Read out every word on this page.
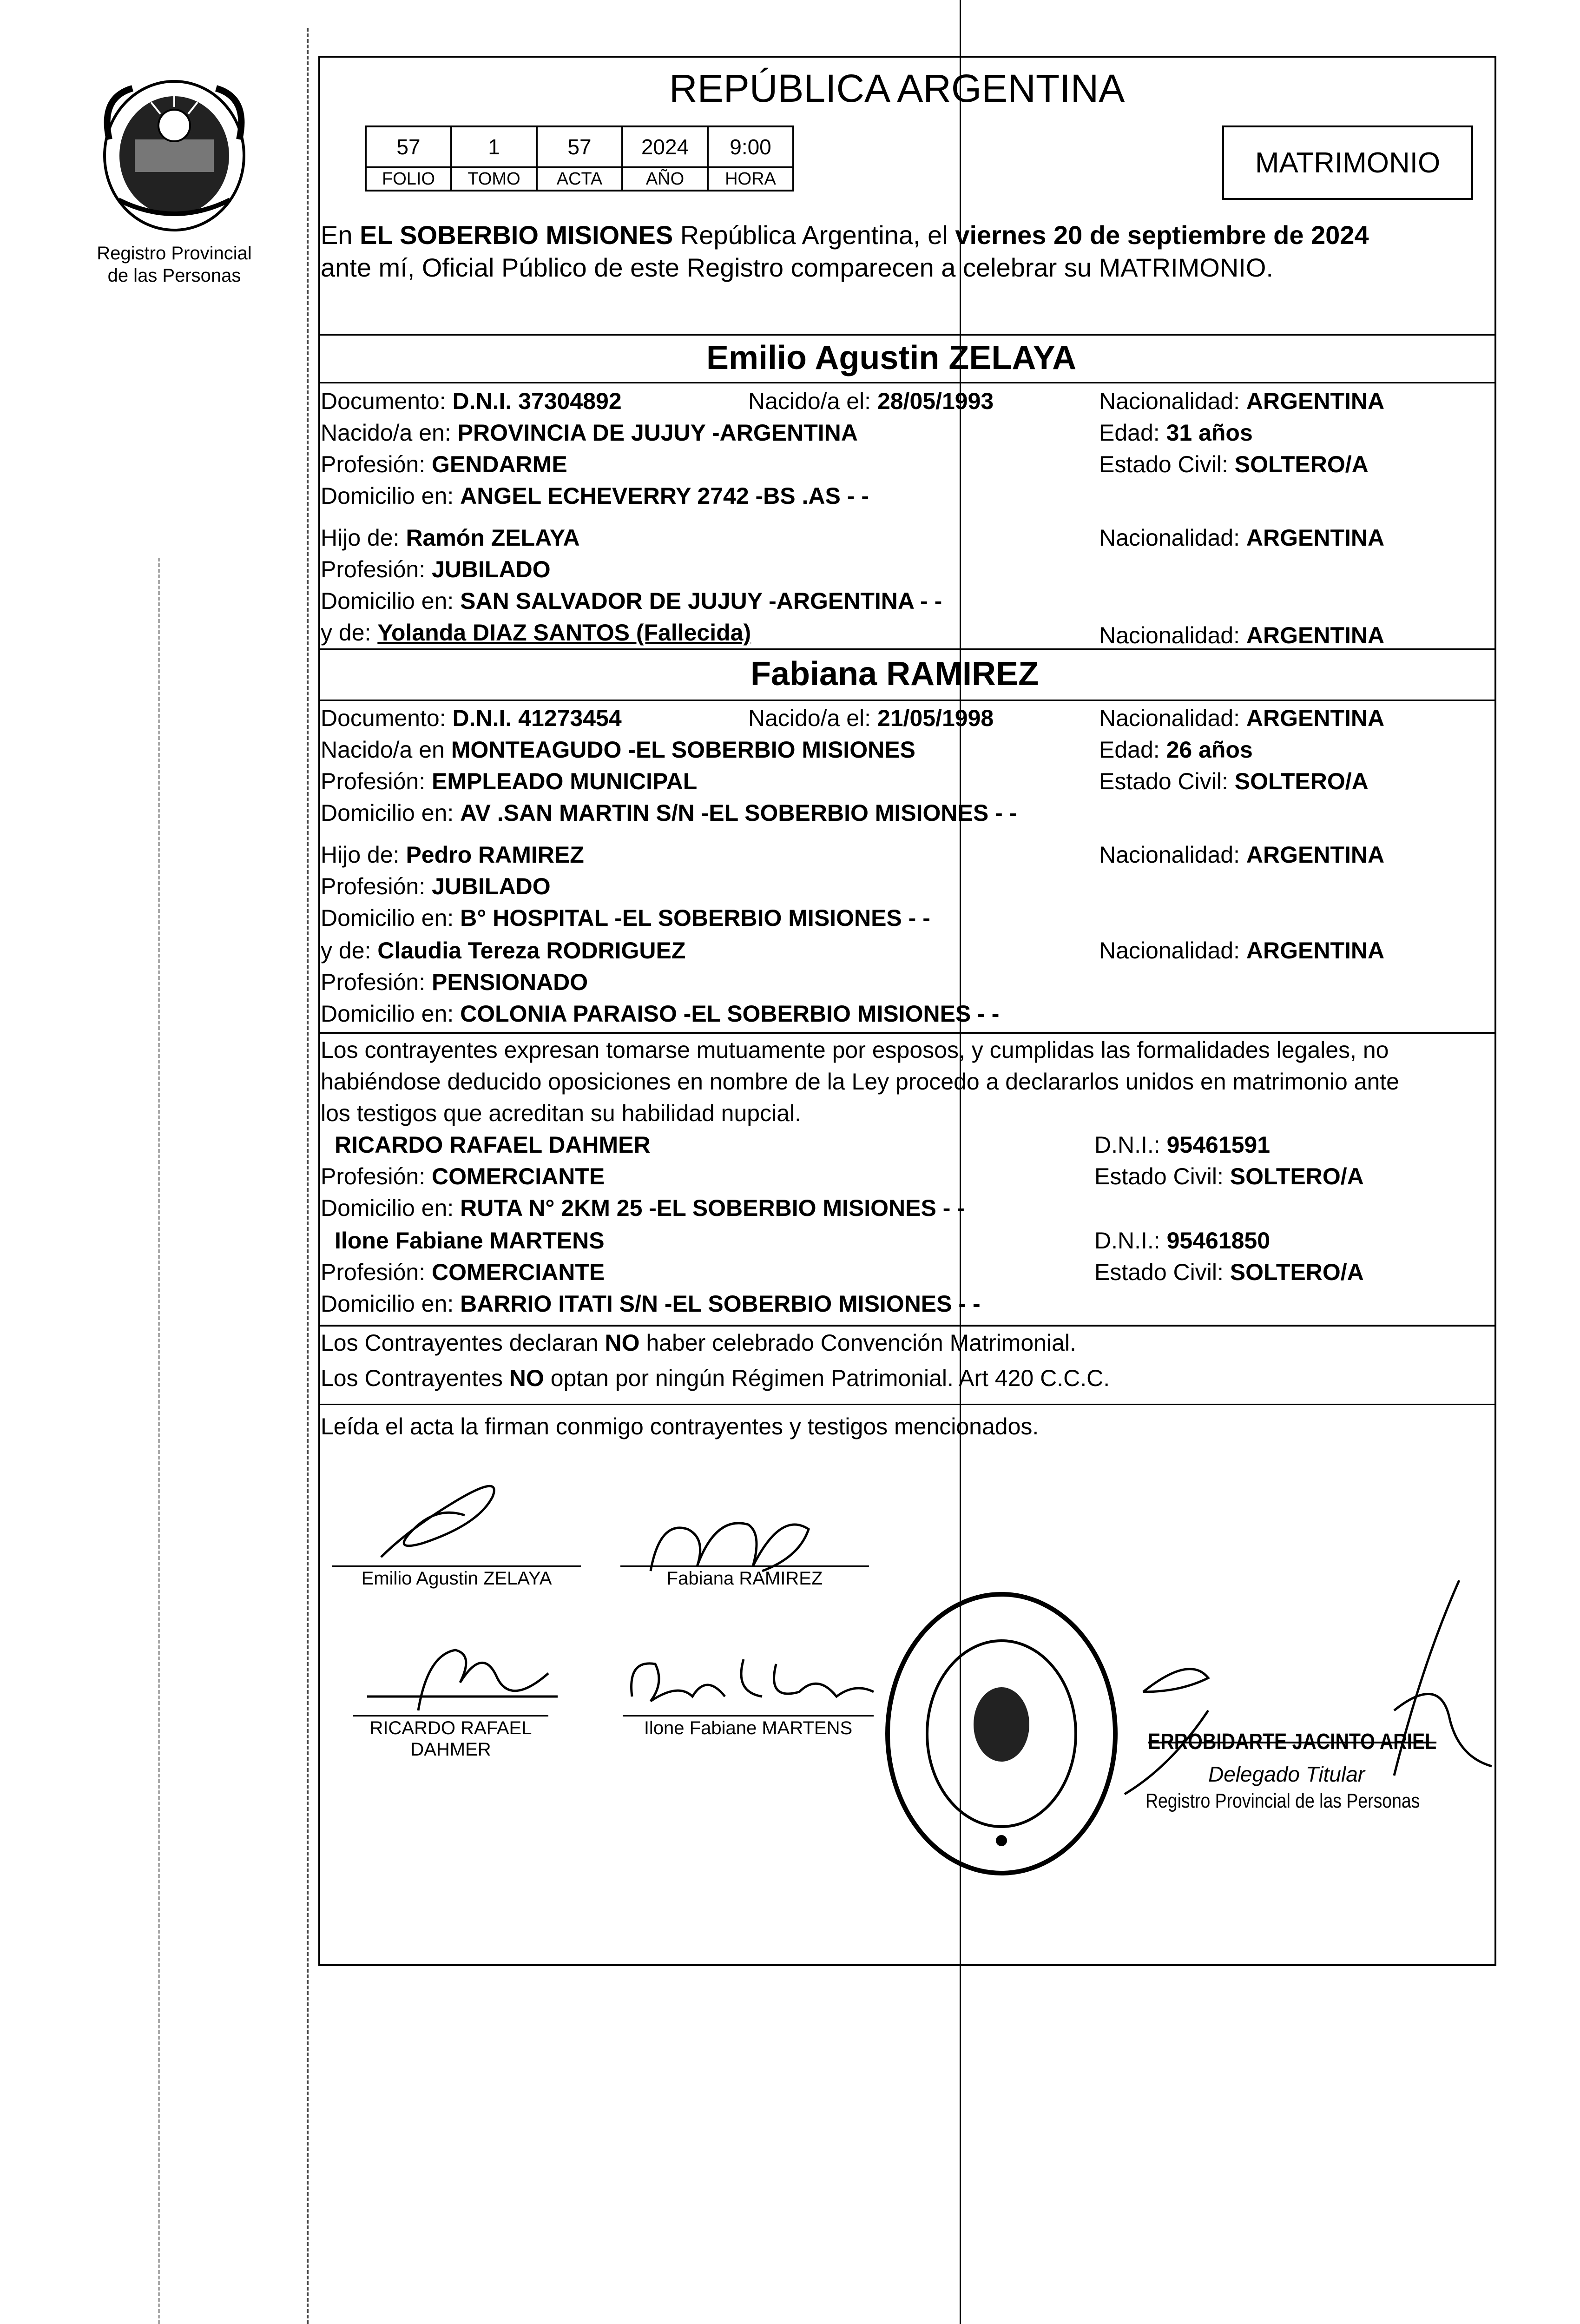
Registro Provincial
de las Personas
REPÚBLICA ARGENTINA
57	1	57	2024	9:00
FOLIO	TOMO	ACTA	AÑO	HORA	MATRIMONIO
En EL SOBERBIO MISIONES República Argentina, el viernes 20 de septiembre de 2024
ante mí, Oficial Público de este Registro comparecen a celebrar su MATRIMONIO.
Emilio Agustin ZELAYA
Documento: D.N.I. 37304892	Nacido/a el: 28/05/1993	Nacionalidad: ARGENTINA
Nacido/a en: PROVINCIA DE JUJUY -ARGENTINA	Edad: 31 años
Profesión: GENDARME	Estado Civil: SOLTERO/A
Domicilio en: ANGEL ECHEVERRY 2742 -BS .AS - -
Hijo de: Ramón ZELAYA	Nacionalidad: ARGENTINA
Profesión: JUBILADO
Domicilio en: SAN SALVADOR DE JUJUY -ARGENTINA - -
y de: Yolanda DIAZ SANTOS (Fallecida)	Nacionalidad: ARGENTINA
Fabiana RAMIREZ
Documento: D.N.I. 41273454	Nacido/a el: 21/05/1998	Nacionalidad: ARGENTINA
Nacido/a en MONTEAGUDO -EL SOBERBIO MISIONES	Edad: 26 años
Profesión: EMPLEADO MUNICIPAL	Estado Civil: SOLTERO/A
Domicilio en: AV .SAN MARTIN S/N -EL SOBERBIO MISIONES - -
Hijo de: Pedro RAMIREZ	Nacionalidad: ARGENTINA
Profesión: JUBILADO
Domicilio en: B° HOSPITAL -EL SOBERBIO MISIONES - -
y de: Claudia Tereza RODRIGUEZ	Nacionalidad: ARGENTINA
Profesión: PENSIONADO
Domicilio en: COLONIA PARAISO -EL SOBERBIO MISIONES - -
Los contrayentes expresan tomarse mutuamente por esposos, y cumplidas las formalidades legales, no
habiéndose deducido oposiciones en nombre de la Ley procedo a declararlos unidos en matrimonio ante
los testigos que acreditan su habilidad nupcial.
RICARDO RAFAEL DAHMER	D.N.I.: 95461591
Profesión: COMERCIANTE	Estado Civil: SOLTERO/A
Domicilio en: RUTA N° 2KM 25 -EL SOBERBIO MISIONES - -
Ilone Fabiane MARTENS	D.N.I.: 95461850
Profesión: COMERCIANTE	Estado Civil: SOLTERO/A
Domicilio en: BARRIO ITATI S/N -EL SOBERBIO MISIONES - -
Los Contrayentes declaran NO haber celebrado Convención Matrimonial.
Los Contrayentes NO optan por ningún Régimen Patrimonial. Art 420 C.C.C.
Leída el acta la firman conmigo contrayentes y testigos mencionados.
Emilio Agustin ZELAYA	Fabiana RAMIREZ
RICARDO RAFAEL
DAHMER
Ilone Fabiane MARTENS
ERROBIDARTE JACINTO ARIEL
Delegado Titular
Registro Provincial de las Personas
